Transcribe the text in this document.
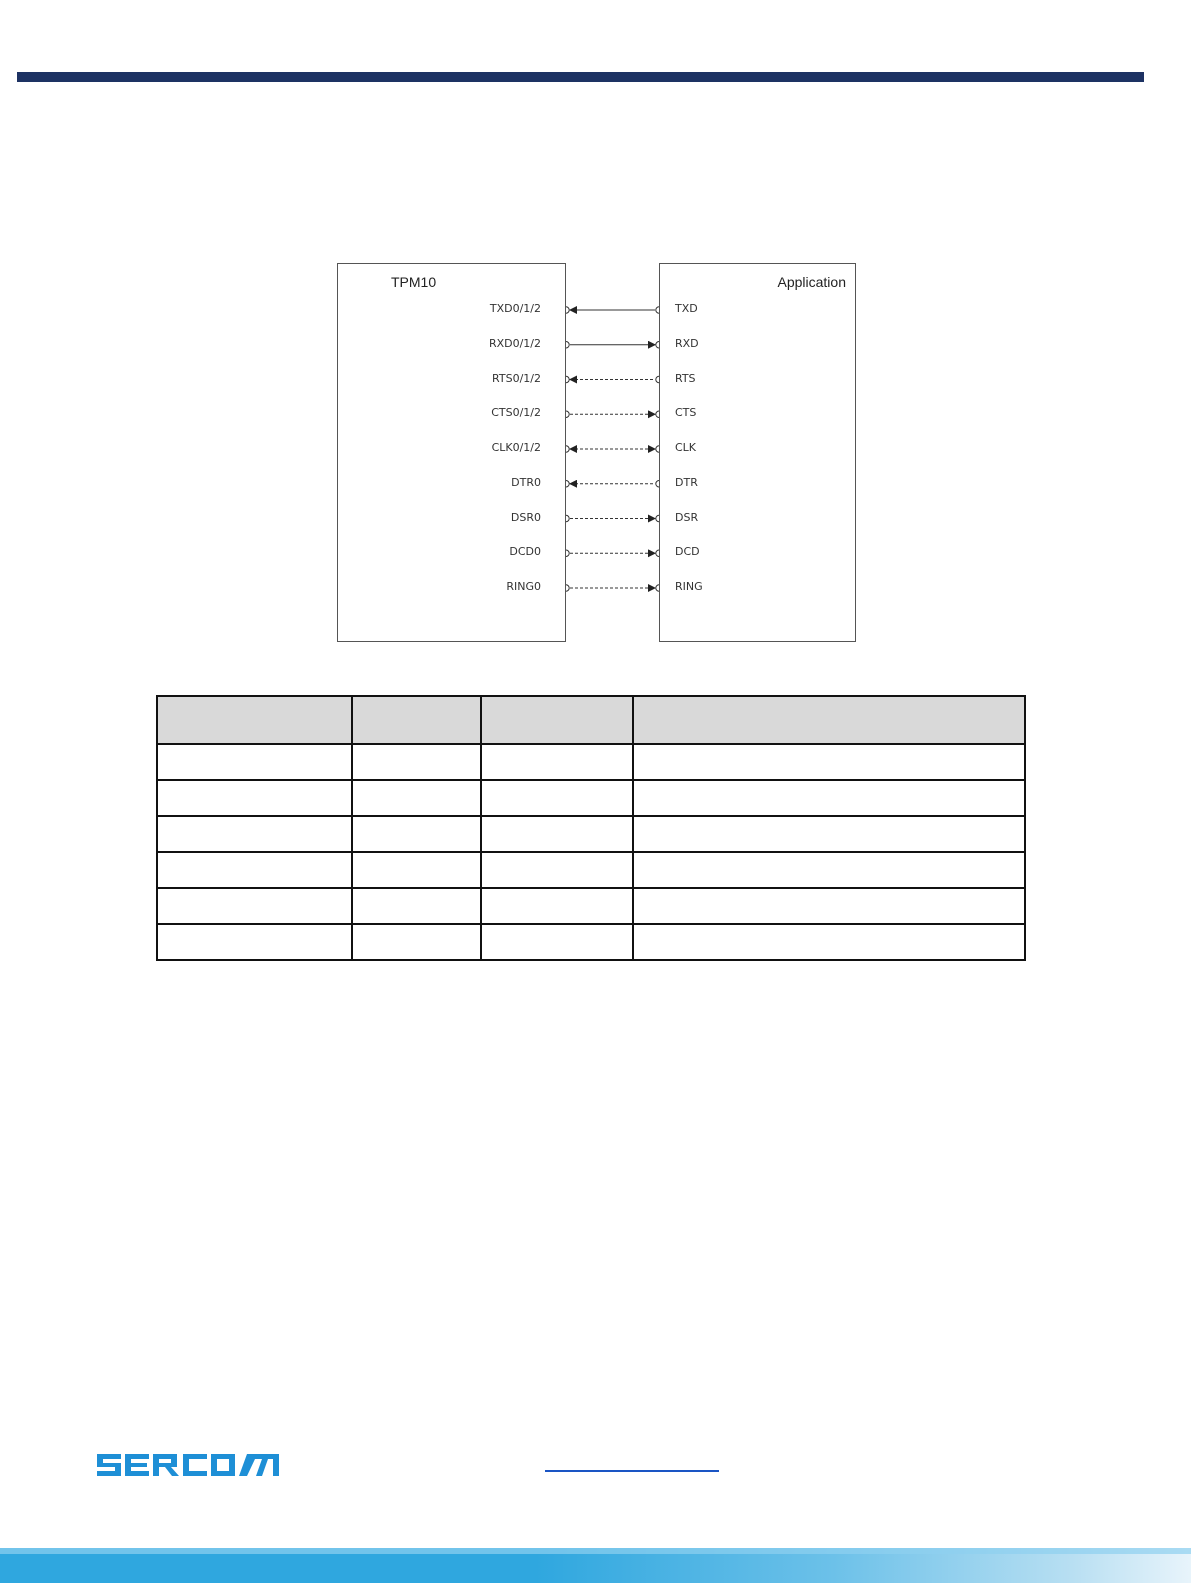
TPM10	Application
TXD0/1/2	TXD
RXD0/1/2	RXD
RTS0/1/2	RTS
CTS0/1/2	CTS
CLK0/1/2	CLK
DTR0	DTR
DSR0	DSR
DCD0	DCD
RING0	RING
